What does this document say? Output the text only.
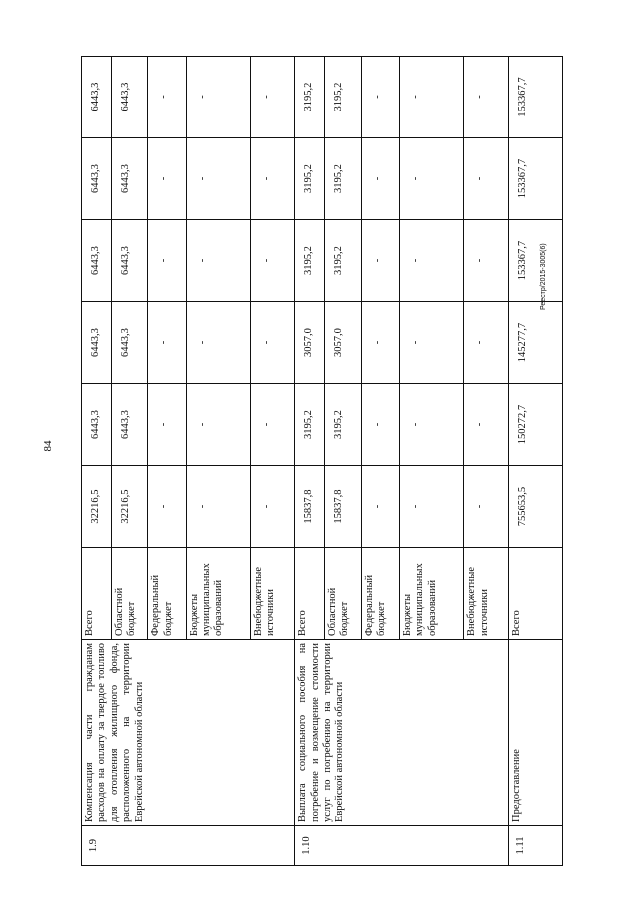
84
Реестр/2015-3005(6)
1.9	Компенсация части гражданам расходов на оплату за твердое топливо для отопления жилищного фонда, расположенного на территории Еврейской автономной области	Всего	32216,5	6443,3	6443,3	6443,3	6443,3	6443,3
		Областной бюджет	32216,5	6443,3	6443,3	6443,3	6443,3	6443,3
		Федеральный бюджет	-	-	-	-	-	-
		Бюджеты муниципальных образований	-	-	-	-	-	-
		Внебюджетные источники	-	-	-	-	-	-
1.10	Выплата социального пособия на погребение и возмещение стоимости услуг по погребению на территории Еврейской автономной области	Всего	15837,8	3195,2	3057,0	3195,2	3195,2	3195,2
		Областной бюджет	15837,8	3195,2	3057,0	3195,2	3195,2	3195,2
		Федеральный бюджет	-	-	-	-	-	-
		Бюджеты муниципальных образований	-	-	-	-	-	-
		Внебюджетные источники	-	-	-	-	-	-
1.11	Предоставление	Всего	755653,5	150272,7	145277,7	153367,7	153367,7	153367,7
